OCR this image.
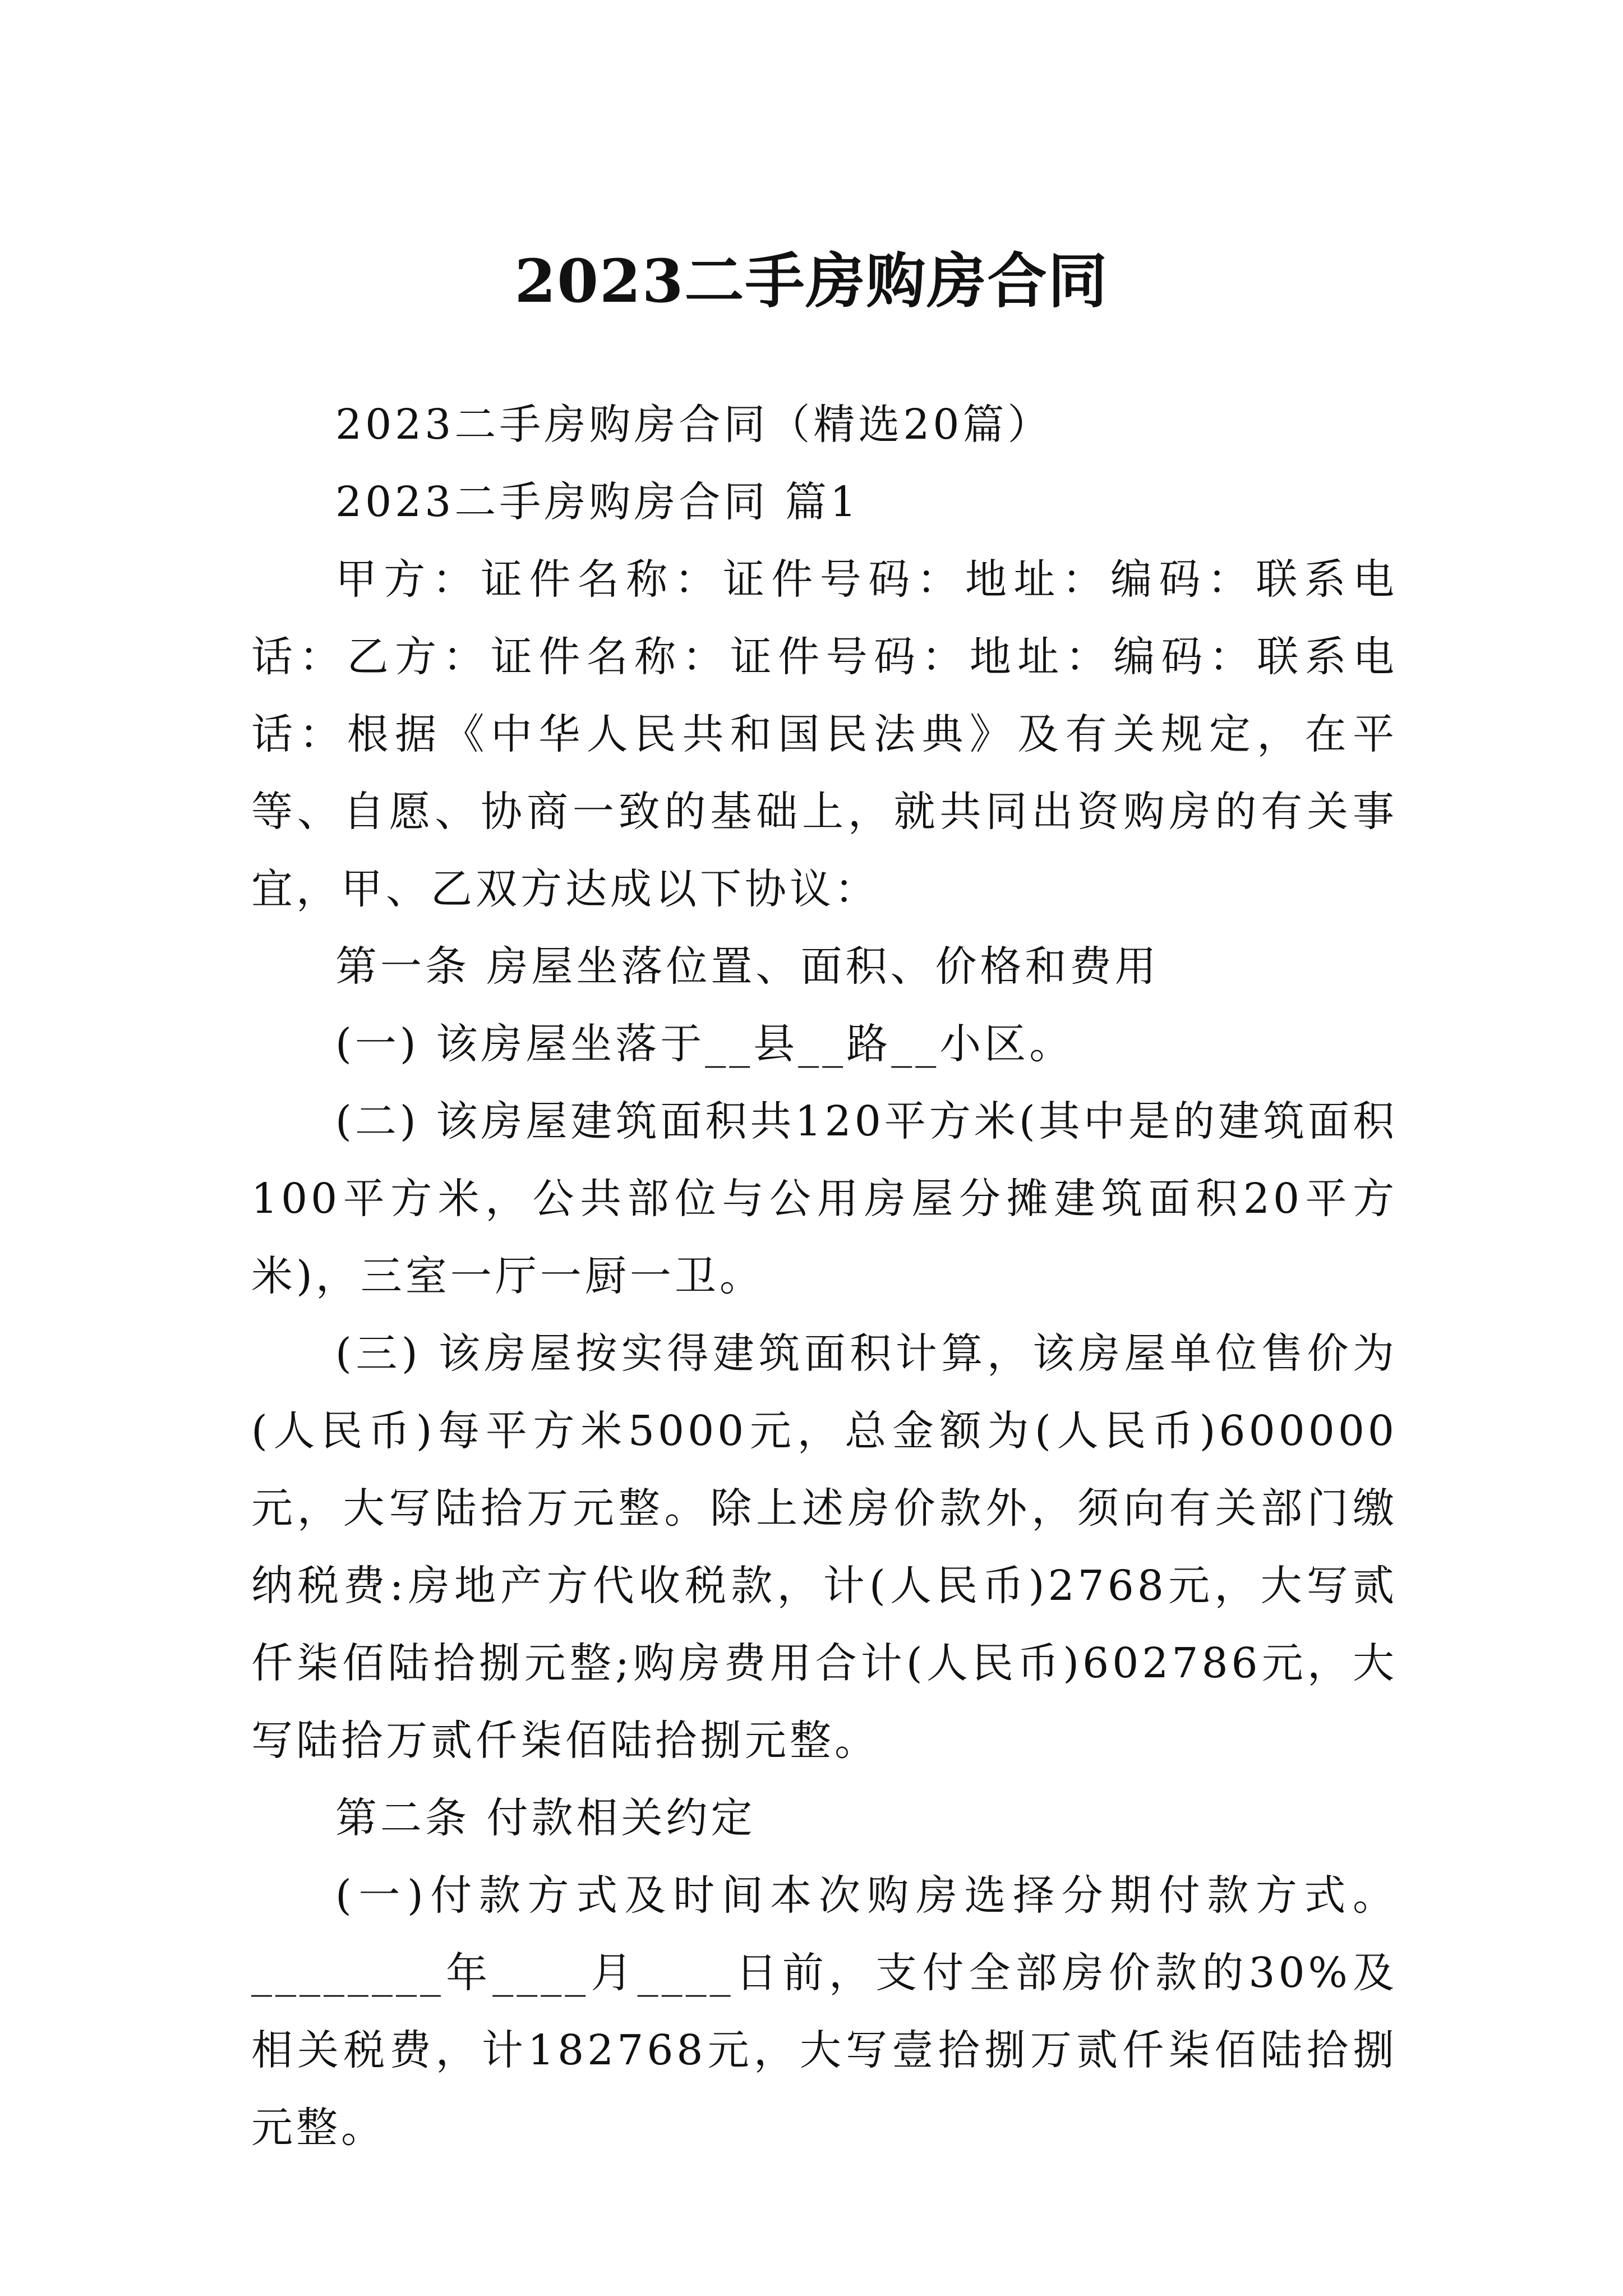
2023二手房购房合同

2023二手房购房合同（精选20篇）

2023二手房购房合同 篇1

甲方：证件名称：证件号码：地址：编码：联系电话：乙方：证件名称：证件号码：地址：编码：联系电话：根据《中华人民共和国民法典》及有关规定，在平等、自愿、协商一致的基础上，就共同出资购房的有关事宜，甲、乙双方达成以下协议：

第一条 房屋坐落位置、面积、价格和费用

(一) 该房屋坐落于__县__路__小区。

(二) 该房屋建筑面积共120平方米(其中是的建筑面积100平方米，公共部位与公用房屋分摊建筑面积20平方米)，三室一厅一厨一卫。

(三) 该房屋按实得建筑面积计算，该房屋单位售价为(人民币)每平方米5000元，总金额为(人民币)600000元，大写陆拾万元整。除上述房价款外，须向有关部门缴纳税费:房地产方代收税款，计(人民币)2768元，大写贰仟柒佰陆拾捌元整;购房费用合计(人民币)602786元，大写陆拾万贰仟柒佰陆拾捌元整。

第二条 付款相关约定

(一)付款方式及时间本次购房选择分期付款方式。________年____月____日前，支付全部房价款的30%及相关税费，计182768元，大写壹拾捌万贰仟柒佰陆拾捌元整。
